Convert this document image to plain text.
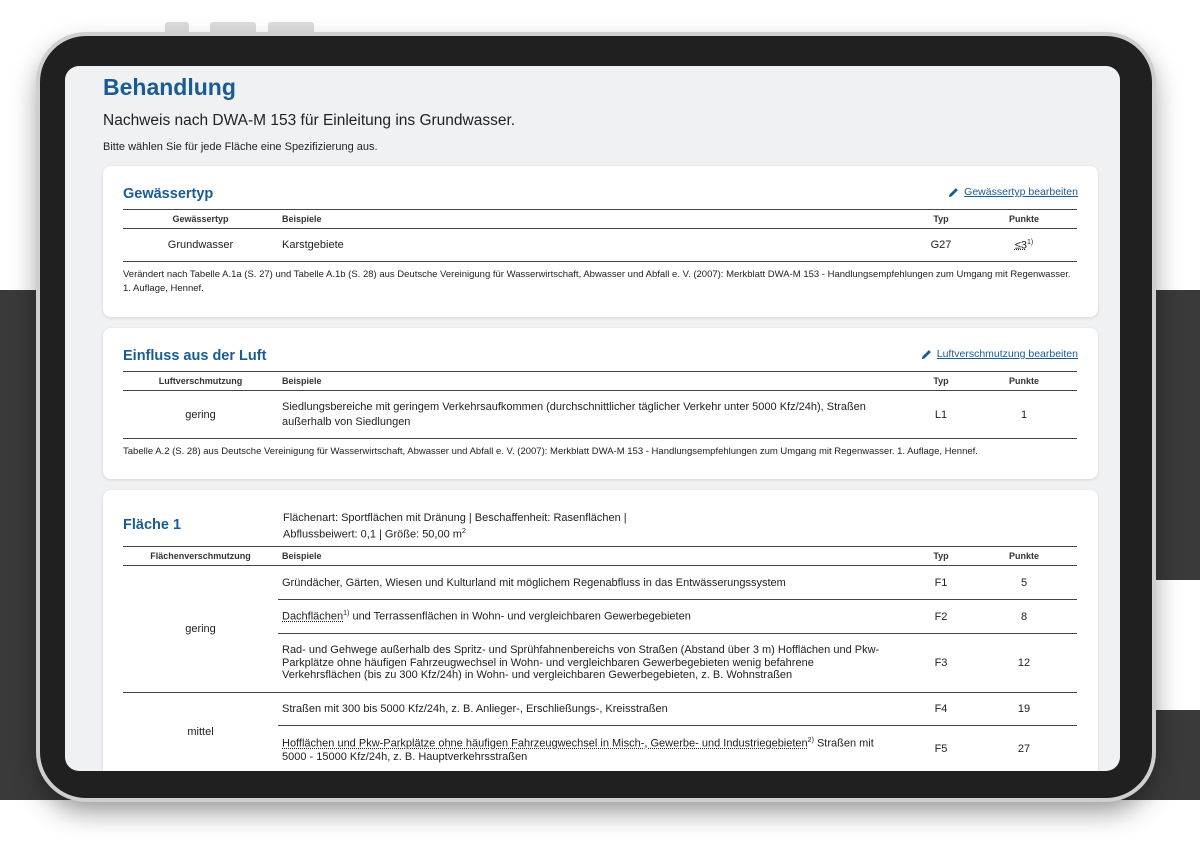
Behandlung
Nachweis nach DWA-M 153 für Einleitung ins Grundwasser.
Bitte wählen Sie für jede Fläche eine Spezifizierung aus.
Gewässertyp	Gewässertyp bearbeiten
Gewässertyp	Beispiele	Typ	Punkte
Grundwasser	Karstgebiete	G27	$\le 3^{1)}$
Verändert nach Tabelle A.1a (S. 27) und Tabelle A.1b (S. 28) aus Deutsche Vereinigung für Wasserwirtschaft, Abwasser und Abfall e. V. (2007): Merkblatt DWA-M 153 - Handlungsempfehlungen zum Umgang mit Regenwasser. 1. Auflage, Hennef.
Einfluss aus der Luft	Luftverschmutzung bearbeiten
Luftverschmutzung	Beispiele	Typ	Punkte
gering	Siedlungsbereiche mit geringem Verkehrsaufkommen (durchschnittlicher täglicher Verkehr unter 5000 Kfz/24h), Straßen außerhalb von Siedlungen	L1	1
Tabelle A.2 (S. 28) aus Deutsche Vereinigung für Wasserwirtschaft, Abwasser und Abfall e. V. (2007): Merkblatt DWA-M 153 - Handlungsempfehlungen zum Umgang mit Regenwasser. 1. Auflage, Hennef.
Fläche 1	Flächenart: Sportflächen mit Dränung | Beschaffenheit: Rasenflächen |
Abflussbeiwert: 0,1 | Größe: 50,00 $m^2$
Flächenverschmutzung	Beispiele	Typ	Punkte
gering	Gründächer, Gärten, Wiesen und Kulturland mit möglichem Regenabfluss in das Entwässerungssystem	F1	5
	Dachflächen$^{1)}$ und Terrassenflächen in Wohn- und vergleichbaren Gewerbegebieten	F2	8
	Rad- und Gehwege außerhalb des Spritz- und Sprühfahnenbereichs von Straßen (Abstand über 3 m) Hofflächen und Pkw-Parkplätze ohne häufigen Fahrzeugwechsel in Wohn- und vergleichbaren Gewerbegebieten wenig befahrene Verkehrsflächen (bis zu 300 Kfz/24h) in Wohn- und vergleichbaren Gewerbegebieten, z. B. Wohnstraßen	F3	12
mittel	Straßen mit 300 bis 5000 Kfz/24h, z. B. Anlieger-, Erschließungs-, Kreisstraßen	F4	19
	Hofflächen und Pkw-Parkplätze ohne häufigen Fahrzeugwechsel in Misch-, Gewerbe- und Industriegebieten$^{2)}$ Straßen mit 5000 - 15000 Kfz/24h, z. B. Hauptverkehrsstraßen	F5	27
